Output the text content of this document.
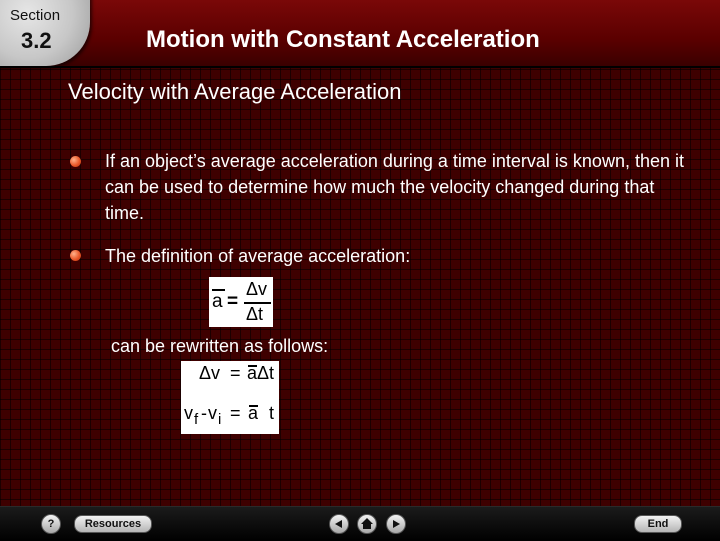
Section
3.2	Motion with Constant Acceleration
Velocity with Average Acceleration
If an object’s average acceleration during a time interval is known, then it can be used to determine how much the velocity changed during that time.
The definition of average acceleration:
a =
Δv
Δt
can be rewritten as follows:
Δv = a Δt
v f - v i = a t
?	Resources	End
